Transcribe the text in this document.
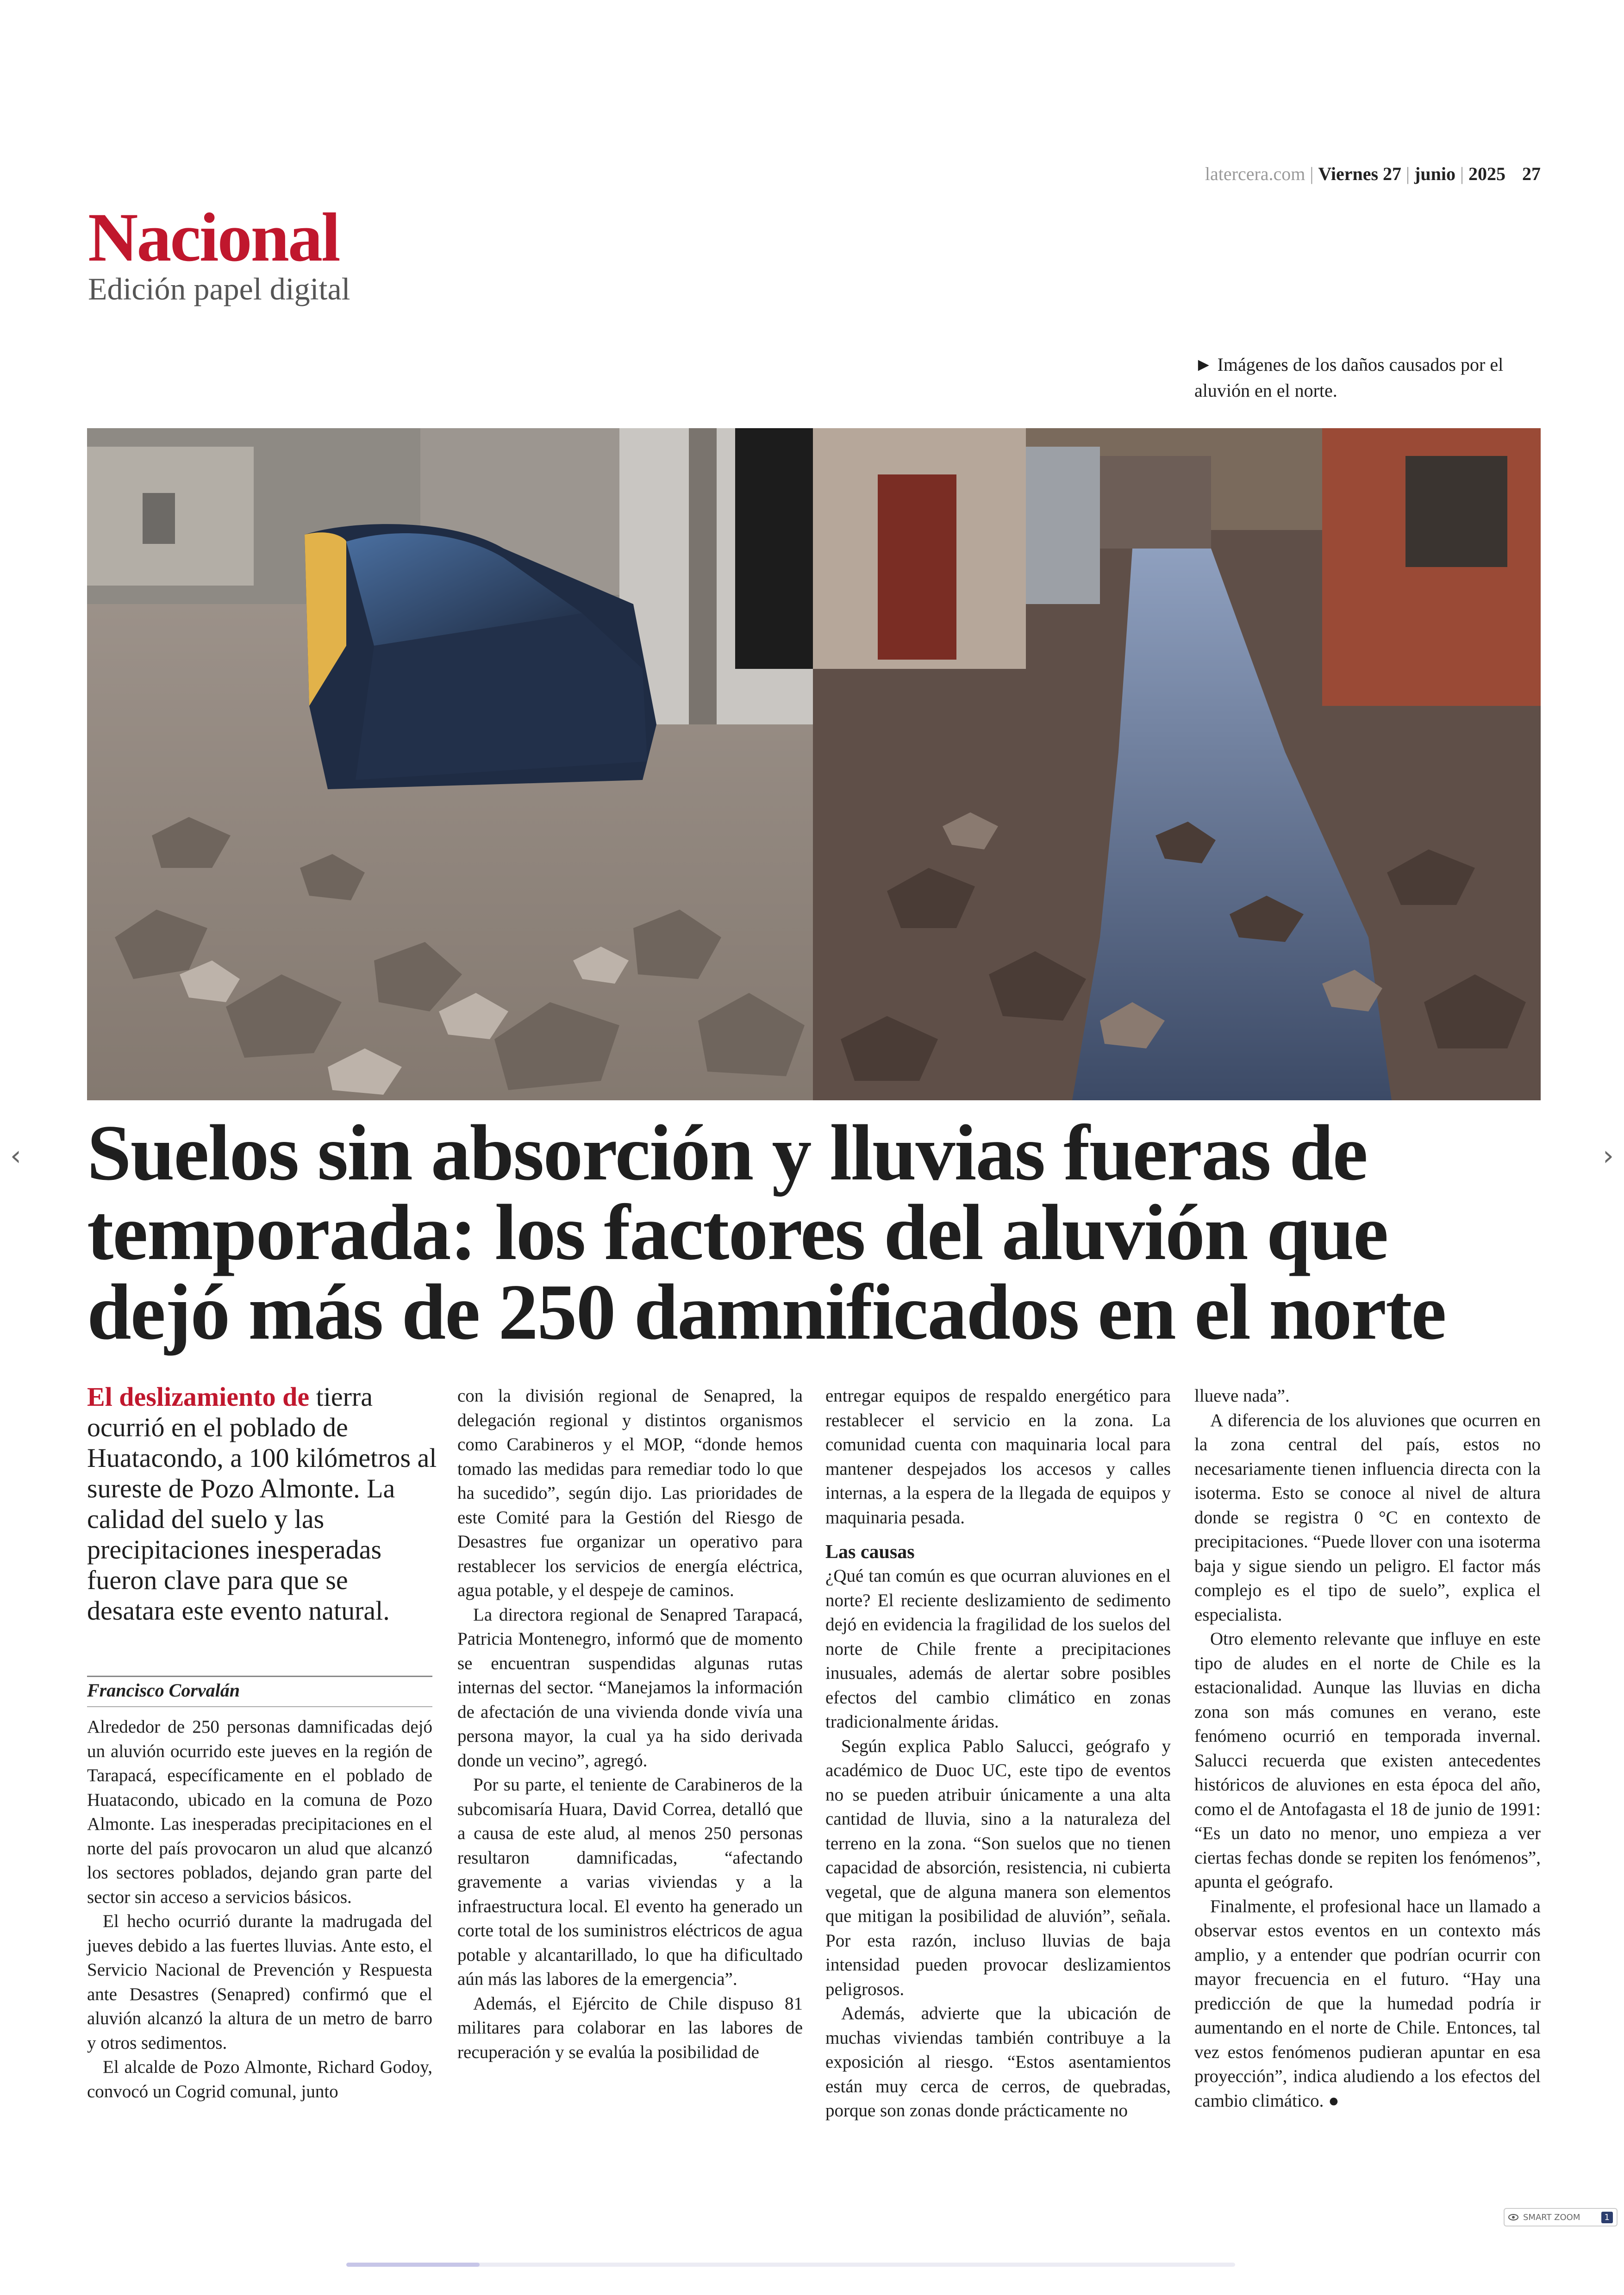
latercera.com | Viernes 27 | junio | 2025 27
Nacional
Edición papel digital
► Imágenes de los daños causados por el aluvión en el norte.
Suelos sin absorción y lluvias fueras de temporada: los factores del aluvión que dejó más de 250 damnificados en el norte
El deslizamiento de tierra ocurrió en el poblado de Huatacondo, a 100 kilómetros al sureste de Pozo Almonte. La calidad del suelo y las precipitaciones inesperadas fueron clave para que se desatara este evento natural.
Francisco Corvalán

Alrededor de 250 personas damnificadas dejó un aluvión ocurrido este jueves en la región de Tarapacá, específicamente en el poblado de Huatacondo, ubicado en la comuna de Pozo Almonte. Las inesperadas precipitaciones en el norte del país provocaron un alud que alcanzó los sectores poblados, dejando gran parte del sector sin acceso a servicios básicos.

El hecho ocurrió durante la madrugada del jueves debido a las fuertes lluvias. Ante esto, el Servicio Nacional de Prevención y Respuesta ante Desastres (Senapred) confirmó que el aluvión alcanzó la altura de un metro de barro y otros sedimentos.

El alcalde de Pozo Almonte, Richard Godoy, convocó un Cogrid comunal, junto

con la división regional de Senapred, la delegación regional y distintos organismos como Carabineros y el MOP, “donde hemos tomado las medidas para remediar todo lo que ha sucedido”, según dijo. Las prioridades de este Comité para la Gestión del Riesgo de Desastres fue organizar un operativo para restablecer los servicios de energía eléctrica, agua potable, y el despeje de caminos.

La directora regional de Senapred Tarapacá, Patricia Montenegro, informó que de momento se encuentran suspendidas algunas rutas internas del sector. “Manejamos la información de afectación de una vivienda donde vivía una persona mayor, la cual ya ha sido derivada donde un vecino”, agregó.

Por su parte, el teniente de Carabineros de la subcomisaría Huara, David Correa, detalló que a causa de este alud, al menos 250 personas resultaron damnificadas, “afectando gravemente a varias viviendas y a la infraestructura local. El evento ha generado un corte total de los suministros eléctricos de agua potable y alcantarillado, lo que ha dificultado aún más las labores de la emergencia”.

Además, el Ejército de Chile dispuso 81 militares para colaborar en las labores de recuperación y se evalúa la posibilidad de

entregar equipos de respaldo energético para restablecer el servicio en la zona. La comunidad cuenta con maquinaria local para mantener despejados los accesos y calles internas, a la espera de la llegada de equipos y maquinaria pesada.

Las causas

¿Qué tan común es que ocurran aluviones en el norte? El reciente deslizamiento de sedimento dejó en evidencia la fragilidad de los suelos del norte de Chile frente a precipitaciones inusuales, además de alertar sobre posibles efectos del cambio climático en zonas tradicionalmente áridas.

Según explica Pablo Salucci, geógrafo y académico de Duoc UC, este tipo de eventos no se pueden atribuir únicamente a una alta cantidad de lluvia, sino a la naturaleza del terreno en la zona. “Son suelos que no tienen capacidad de absorción, resistencia, ni cubierta vegetal, que de alguna manera son elementos que mitigan la posibilidad de aluvión”, señala. Por esta razón, incluso lluvias de baja intensidad pueden provocar deslizamientos peligrosos.

Además, advierte que la ubicación de muchas viviendas también contribuye a la exposición al riesgo. “Estos asentamientos están muy cerca de cerros, de quebradas, porque son zonas donde prácticamente no

llueve nada”.

A diferencia de los aluviones que ocurren en la zona central del país, estos no necesariamente tienen influencia directa con la isoterma. Esto se conoce al nivel de altura donde se registra 0 °C en contexto de precipitaciones. “Puede llover con una isoterma baja y sigue siendo un peligro. El factor más complejo es el tipo de suelo”, explica el especialista.

Otro elemento relevante que influye en este tipo de aludes en el norte de Chile es la estacionalidad. Aunque las lluvias en dicha zona son más comunes en verano, este fenómeno ocurrió en temporada invernal. Salucci recuerda que existen antecedentes históricos de aluviones en esta época del año, como el de Antofagasta el 18 de junio de 1991: “Es un dato no menor, uno empieza a ver ciertas fechas donde se repiten los fenómenos”, apunta el geógrafo.

Finalmente, el profesional hace un llamado a observar estos eventos en un contexto más amplio, y a entender que podrían ocurrir con mayor frecuencia en el futuro. “Hay una predicción de que la humedad podría ir aumentando en el norte de Chile. Entonces, tal vez estos fenómenos pudieran apuntar en esa proyección”, indica aludiendo a los efectos del cambio climático. ●

‹	›
SMART ZOOM	1
